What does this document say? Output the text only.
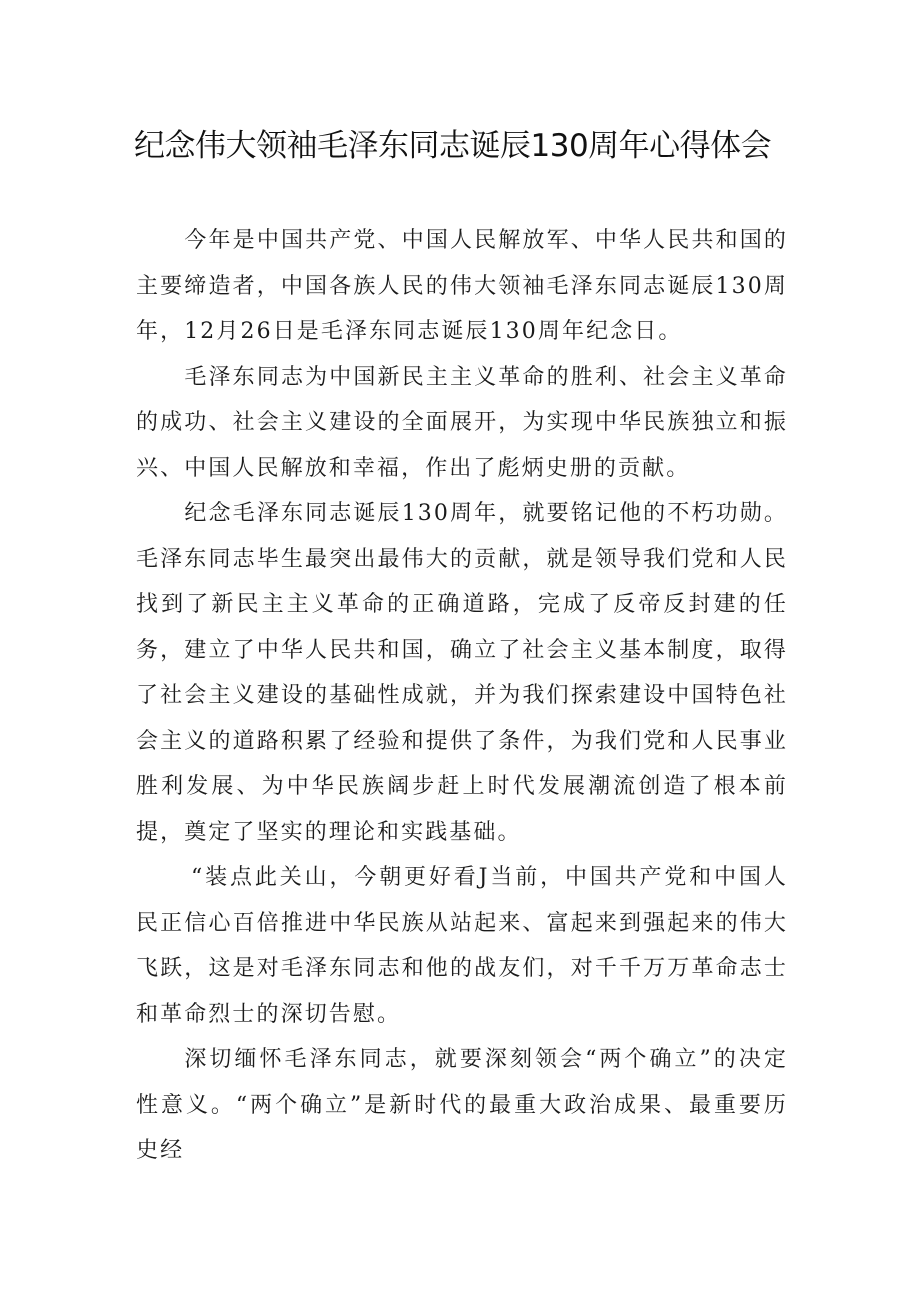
纪念伟大领袖毛泽东同志诞辰130周年心得体会

今年是中国共产党、中国人民解放军、中华人民共和国的主要缔造者，中国各族人民的伟大领袖毛泽东同志诞辰130周年，12月26日是毛泽东同志诞辰130周年纪念日。

毛泽东同志为中国新民主主义革命的胜利、社会主义革命的成功、社会主义建设的全面展开，为实现中华民族独立和振兴、中国人民解放和幸福，作出了彪炳史册的贡献。

纪念毛泽东同志诞辰130周年，就要铭记他的不朽功勋。毛泽东同志毕生最突出最伟大的贡献，就是领导我们党和人民找到了新民主主义革命的正确道路，完成了反帝反封建的任务，建立了中华人民共和国，确立了社会主义基本制度，取得了社会主义建设的基础性成就，并为我们探索建设中国特色社会主义的道路积累了经验和提供了条件，为我们党和人民事业胜利发展、为中华民族阔步赶上时代发展潮流创造了根本前提，奠定了坚实的理论和实践基础。

“装点此关山，今朝更好看J当前，中国共产党和中国人民正信心百倍推进中华民族从站起来、富起来到强起来的伟大飞跃，这是对毛泽东同志和他的战友们，对千千万万革命志士和革命烈士的深切告慰。

深切缅怀毛泽东同志，就要深刻领会“两个确立”的决定性意义。“两个确立”是新时代的最重大政治成果、最重要历史经
